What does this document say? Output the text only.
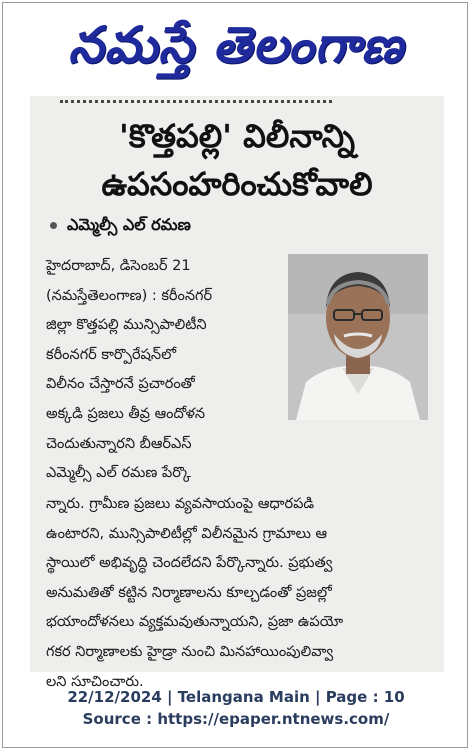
నమస్తే తెలంగాణ
'కొత్తపల్లి' విలీనాన్ని
ఉపసంహరించుకోవాలి
ఎమ్మెల్సీ ఎల్ రమణ

హైదరాబాద్, డిసెంబర్ 21

(నమస్తేతెలంగాణ) : కరీంనగర్

జిల్లా కొత్తపల్లి మున్సిపాలిటీని

కరీంనగర్ కార్పొరేషన్‌లో

విలీనం చేస్తారనే ప్రచారంతో

అక్కడి ప్రజలు తీవ్ర ఆందోళన

చెందుతున్నారని బీఆర్ఎస్

ఎమ్మెల్సీ ఎల్ రమణ పేర్కొ

న్నారు. గ్రామీణ ప్రజలు వ్యవసాయంపై ఆధారపడి

ఉంటారని, మున్సిపాలిటీల్లో విలీనమైన గ్రామాలు ఆ

స్థాయిలో అభివృద్ధి చెందలేదని పేర్కొన్నారు. ప్రభుత్వ

అనుమతితో కట్టిన నిర్మాణాలను కూల్చడంతో ప్రజల్లో

భయాందోళనలు వ్యక్తమవుతున్నాయని, ప్రజా ఉపయో

గకర నిర్మాణాలకు హైడ్రా నుంచి మినహాయింపులివ్వా

లని సూచించారు.

22/12/2024 | Telangana Main | Page : 10
Source : https://epaper.ntnews.com/
